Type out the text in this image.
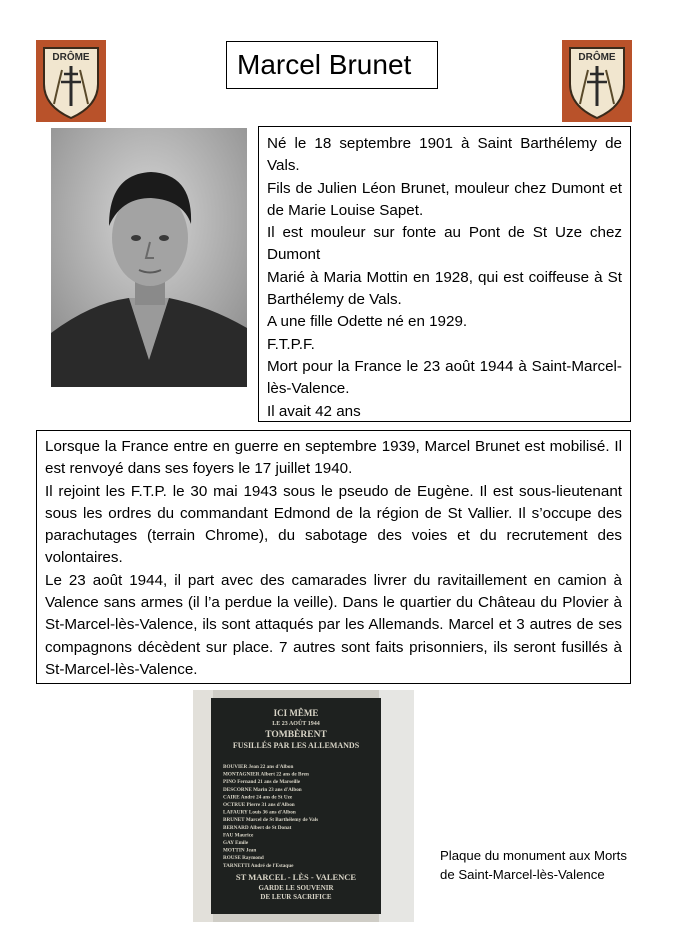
DRÔME	DRÔME
Marcel Brunet

Né le 18 septembre 1901 à Saint Barthélemy de Vals.

Fils de Julien Léon Brunet, mouleur chez Dumont et de Marie Louise Sapet.

Il est mouleur sur fonte au Pont de St Uze chez Dumont

Marié à Maria Mottin en 1928, qui est coiffeuse à St Barthélemy de Vals.

A une fille Odette né en 1929.

F.T.P.F.

Mort pour la France le 23 août 1944 à Saint-Marcel-lès-Valence.

Il avait 42 ans

Lorsque la France entre en guerre en septembre 1939, Marcel Brunet est mobilisé. Il est renvoyé dans ses foyers le 17 juillet 1940.

Il rejoint les F.T.P. le 30 mai 1943 sous le pseudo de Eugène. Il est sous-lieutenant sous les ordres du commandant Edmond de la région de St Vallier. Il s’occupe des parachutages (terrain Chrome), du sabotage des voies et du recrutement des volontaires.

Le 23 août 1944, il part avec des camarades livrer du ravitaillement en camion à Valence sans armes (il l’a perdue la veille). Dans le quartier du Château du Plovier à St-Marcel-lès-Valence, ils sont attaqués par les Allemands. Marcel et 3 autres de ses compagnons décèdent sur place. 7 autres sont faits prisonniers, ils seront fusillés à St-Marcel-lès-Valence.

ICI MÊME
LE 23 AOÛT 1944
TOMBÈRENT
FUSILLÉS PAR LES ALLEMANDS
BOUVIER Jean 22 ans d'Albon
MONTAGNIER Albert 22 ans de Bren
PINO Fernand 21 ans de Marseille
DESCORNE Marin 23 ans d'Albon
CAIRE André 24 ans de St Uze
OCTRUE Pierre 31 ans d'Albon
LAFAURY Louis 36 ans d'Albon
BRUNET Marcel de St Barthélemy de Vals
BERNARD Albert de St Donat
FAU Maurice
GAY Emile
MOTTIN Jean
ROUSE Raymond
TARNETTI André de l'Estaque
ST MARCEL - LÈS - VALENCE
GARDE LE SOUVENIR
DE LEUR SACRIFICE
Plaque du monument aux Morts de Saint-Marcel-lès-Valence
